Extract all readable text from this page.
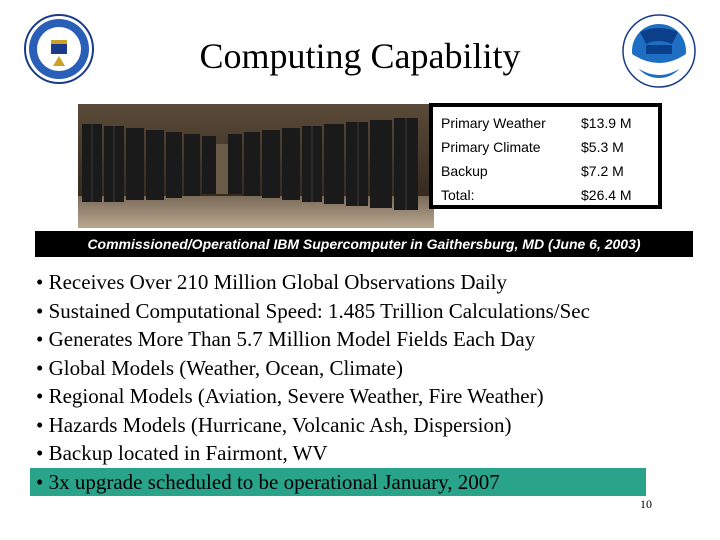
Computing Capability
Primary Weather	$13.9 M
Primary Climate	$5.3 M
Backup	$7.2 M
Total:	$26.4 M
Commissioned/Operational IBM Supercomputer in Gaithersburg, MD (June 6, 2003)
• Receives Over 210 Million Global Observations Daily
• Sustained Computational Speed: 1.485 Trillion Calculations/Sec
• Generates More Than 5.7 Million Model Fields Each Day
• Global Models (Weather, Ocean, Climate)
• Regional Models (Aviation, Severe Weather, Fire Weather)
• Hazards Models (Hurricane, Volcanic Ash, Dispersion)
• Backup located in Fairmont, WV
• 3x upgrade scheduled to be operational January, 2007
10
